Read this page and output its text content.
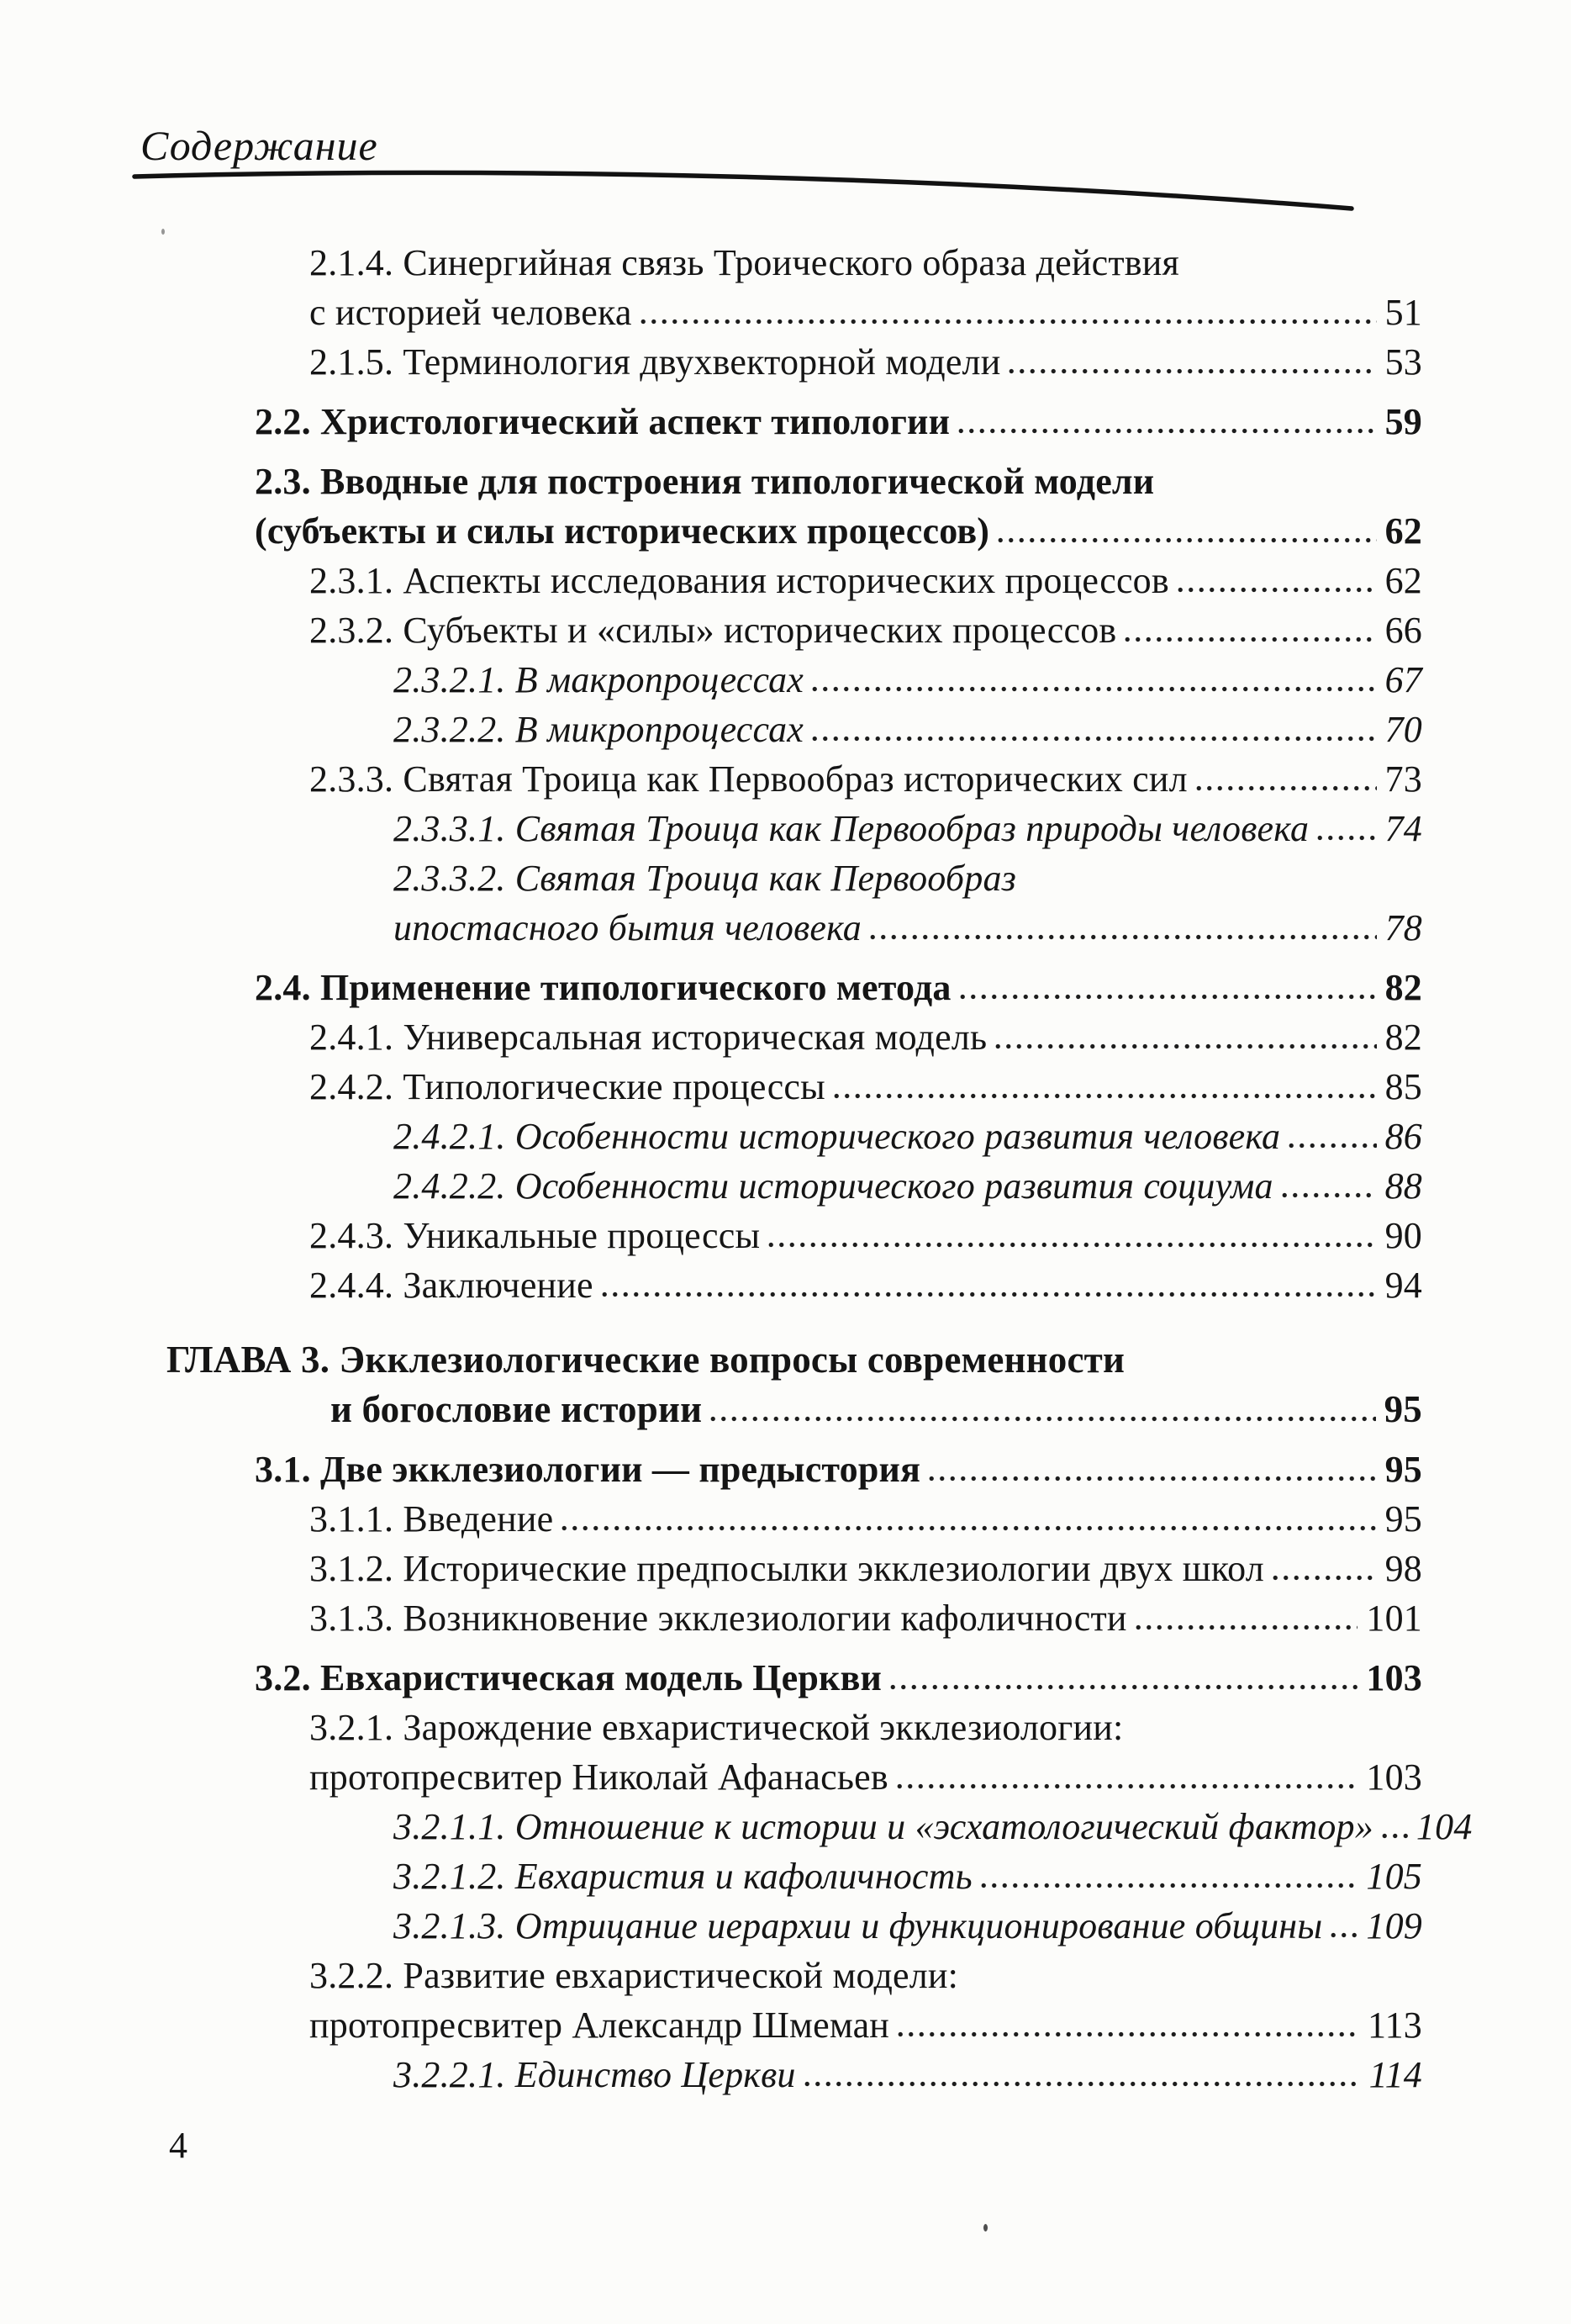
Содержание
2.1.4. Синергийная связь Троического образа действия
с историей человека	51
2.1.5. Терминология двухвекторной модели	53
2.2. Христологический аспект типологии	59
2.3. Вводные для построения типологической модели
(субъекты и силы исторических процессов)	62
2.3.1. Аспекты исследования исторических процессов	62
2.3.2. Субъекты и «силы» исторических процессов	66
2.3.2.1. В макропроцессах	67
2.3.2.2. В микропроцессах	70
2.3.3. Святая Троица как Первообраз исторических сил	73
2.3.3.1. Святая Троица как Первообраз природы человека 74
2.3.3.2. Святая Троица как Первообраз
ипостасного бытия человека	78
2.4. Применение типологического метода	82
2.4.1. Универсальная историческая модель	82
2.4.2. Типологические процессы	85
2.4.2.1. Особенности исторического развития человека	86
2.4.2.2. Особенности исторического развития социума	88
2.4.3. Уникальные процессы	90
2.4.4. Заключение	94
ГЛАВА 3. Экклезиологические вопросы современности
и богословие истории	95
3.1. Две экклезиологии — предыстория	95
3.1.1. Введение	95
3.1.2. Исторические предпосылки экклезиологии двух школ	98
3.1.3. Возникновение экклезиологии кафоличности	101
3.2. Евхаристическая модель Церкви	103
3.2.1. Зарождение евхаристической экклезиологии:
протопресвитер Николай Афанасьев	103
3.2.1.1. Отношение к истории и «эсхатологический фактор» 104
3.2.1.2. Евхаристия и кафоличность	105
3.2.1.3. Отрицание иерархии и функционирование общины 109
3.2.2. Развитие евхаристической модели:
протопресвитер Александр Шмеман	113
3.2.2.1. Единство Церкви	114
4
